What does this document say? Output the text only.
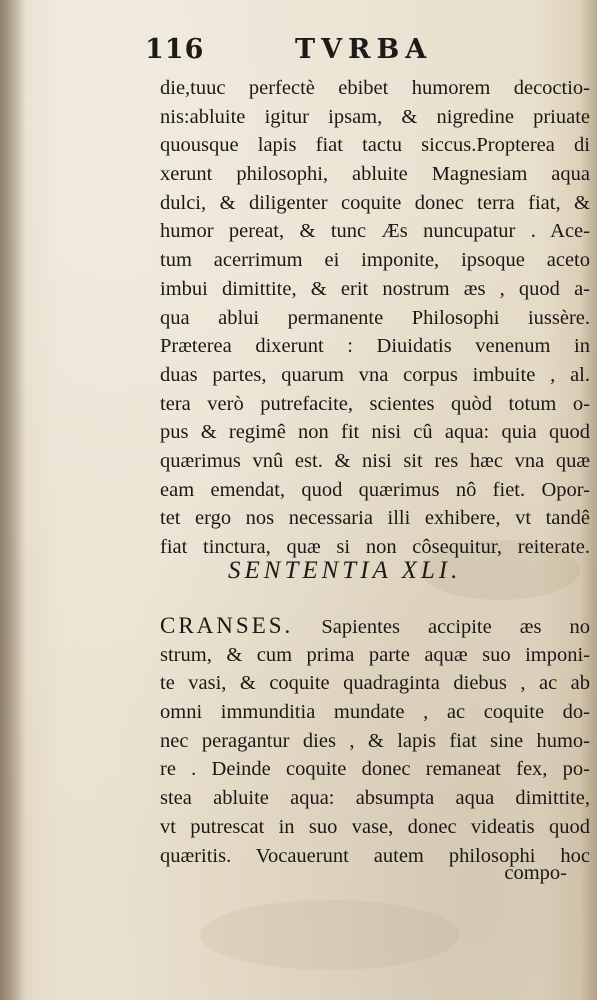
116	TVRBA
die,tuuc perfectè ebibet humorem decoctio-
nis:abluite igitur ipsam, & nigredine priuate
quousque lapis fiat tactu siccus.Propterea di
xerunt philosophi, abluite Magnesiam aqua
dulci, & diligenter coquite donec terra fiat, &
humor pereat, & tunc Æs nuncupatur . Ace-
tum acerrimum ei imponite, ipsoque aceto
imbui dimittite, & erit nostrum æs , quod a-
qua ablui permanente Philosophi iussère.
Præterea dixerunt : Diuidatis venenum in
duas partes, quarum vna corpus imbuite , al.
tera verò putrefacite, scientes quòd totum o-
pus & regimê non fit nisi cû aqua: quia quod
quærimus vnû est. & nisi sit res hæc vna quæ
eam emendat, quod quærimus nô fiet. Opor-
tet ergo nos necessaria illi exhibere, vt tandê
fiat tinctura, quæ si non côsequitur, reiterate.
SENTENTIA XLI.
CRANSES. Sapientes accipite æs no
strum, & cum prima parte aquæ suo imponi-
te vasi, & coquite quadraginta diebus , ac ab
omni immunditia mundate , ac coquite do-
nec peragantur dies , & lapis fiat sine humo-
re . Deinde coquite donec remaneat fex, po-
stea abluite aqua: absumpta aqua dimittite,
vt putrescat in suo vase, donec videatis quod
quæritis. Vocauerunt autem philosophi hoc
compo-
